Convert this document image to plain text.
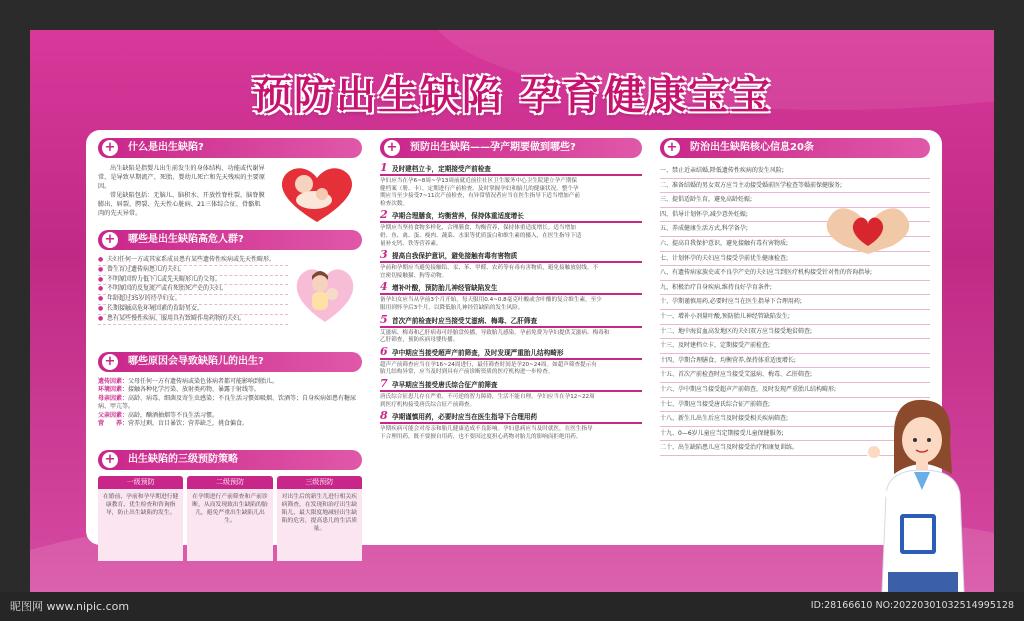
预防出生缺陷 孕育健康宝宝
+ 什么是出生缺陷?
出生缺陷是指婴儿出生前发生的身体结构、功能或代谢异常，是导致早期流产、死胎、婴幼儿死亡和先天残疾的主要原因。
常见缺陷包括：无脑儿、脑积水、开放性脊柱裂、脑脊膜膨出、唇裂、腭裂、先天性心脏病、21三体综合征、骨骼肌肉的先天异常。
+ 哪些是出生缺陷高危人群?
● 夫妇任何一方或其家系成员患有某些遗传性疾病或先天性畸形。
● 曾生育过遗传病患儿的夫妇。
● 不明原因智力低下儿或先天畸形儿的父母。
● 不明原因的反复流产或有死胎死产史的夫妇。
● 年龄超过35岁的待孕妇女。
● 长期接触高危环境因素的育龄男女。
● 患有某些慢性疾病、服用具有致畸作用药物的夫妇。
+ 哪些原因会导致缺陷儿的出生?
遗传因素：父母任何一方有遗传病或染色体病者都可能影响到胎儿。
环境因素：接触各种化学污染、放射类药物，暴露于射线等。
母亲因素：高龄、病毒、细菌及寄生虫感染；不良生活习惯如吸烟、饮酒等；自身疾病如患有糖尿病、甲亢等。
父亲因素：高龄，酗酒抽烟等不良生活习惯。
营　　养：营养过剩，盲目暴饮；营养缺乏，挑食偏食。
+ 出生缺陷的三级预防策略
一级预防
在婚前、孕前和孕早期进行健康教育、优生检查和咨询指导，防止出生缺陷的发生。
二级预防
在孕期进行产前筛查和产前诊断，从而发现致出生缺陷的胎儿，避免严重出生缺陷儿出生。
三级预防
对出生后的新生儿进行相关疾病筛查，在发现和治疗出生缺陷儿，最大限度地减轻出生缺陷的危害，提高患儿的生活质量。
+ 预防出生缺陷——孕产期要做到哪些?
1 及时建档立卡，定期接受产前检查
孕妇应当在孕6~8周~孕13周前就近前往社区卫生服务中心卫生院建立孕产期保健档案（册、卡），定期进行产前检查。及时掌握孕妇和胎儿的健康状况。整个孕期应当至少接受7~11次产前检查，有异常情况者应当在医生指导下适当增加产前检查次数。
2 孕期合理膳食，均衡营养，保持体重适度增长
孕期应当坚持食物多样化，合理膳食，均衡营养，保持体重适度增长。适当增加奶、鱼、禽、蛋、瘦肉、蔬菜、水果等优质蛋白和维生素的摄入，在医生指导下适量补充钙、铁等营养素。
3 提高自我保护意识，避免接触有毒有害物质
孕前和孕期应当避免接触铅、汞、苯、甲醛、农药等有毒有害物质，避免接触放射线。不宜密切接触猫、狗等动物。
4 增补叶酸，预防胎儿神经管缺陷发生
备孕妇女应当从孕前3个月开始，每天服用0.4~0.8毫克叶酸或含叶酸的复合维生素，至少服用到怀孕后3个月，以降低胎儿神经管缺陷的发生风险。
5 首次产前检查时应当接受艾滋病、梅毒、乙肝筛查
艾滋病、梅毒和乙肝病毒可经胎盘传播，导致胎儿感染。孕前免费为孕妇提供艾滋病、梅毒和乙肝筛查，预防疾病母婴传播。
6 孕中期应当接受超声产前筛查，及时发现严重胎儿结构畸形
超声产前筛查应当在孕16~24周进行，最佳筛查时间是孕20~24周。如超声筛查提示有胎儿结构异常，应当及时到具有产前诊断资质的医疗机构进一步检查。
7 孕早期应当接受唐氏综合征产前筛查
唐氏综合征患儿存在严重、不可逆的智力障碍，生活不能自理。孕妇应当在孕12~22周到医疗机构接受唐氏综合征产前筛查。
8 孕期谨慎用药，必要时应当在医生指导下合理用药
孕期疾病可能会对母亲和胎儿健康造成不良影响。孕妇患病应当及时就医，在医生指导下合理用药，既不要擅自用药，也不要因过度担心药物对胎儿的影响而拒绝用药。
+ 防治出生缺陷核心信息20条
一、禁止近亲结婚,降低遗传性疾病的发生风险;
二、准备结婚的男女双方应当主动接受婚前医学检查等婚前保健服务;
三、提倡适龄生育，避免高龄妊娠;
四、倡导计划怀孕,减少意外妊娠;
五、养成健康生活方式,科学备孕;
六、提高自我保护意识，避免接触有毒有害物质;
七、计划怀孕的夫妇应当接受孕前优生健康检查;
八、有遗传病家族史或不良孕产史的夫妇应当到医疗机构接受针对性的咨询指导;
九、积极治疗自身疾病,维持良好孕育条件;
十、孕期谨慎用药,必要时应当在医生指导下合理用药;
十一、增补小剂量叶酸,预防胎儿神经管缺陷发生;
十二、地中海贫血高发地区的夫妇双方应当接受地贫筛查;
十三、及时建档立卡，定期接受产前检查;
十四、孕期合理膳食、均衡营养,保持体重适度增长;
十五、首次产前检查时应当接受艾滋病、梅毒、乙肝筛查;
十六、孕中期应当接受超声产前筛查，及时发现严重胎儿结构畸形;
十七、孕期应当接受唐氏综合征产前筛查;
十八、新生儿出生后应当及时接受相关疾病筛查;
十九、0—6岁儿童应当定期接受儿童保健服务;
二十、出生缺陷患儿应当及时接受治疗和康复训练。
昵图网 www.nipic.com	ID:28166610 NO:20220301032514995128
